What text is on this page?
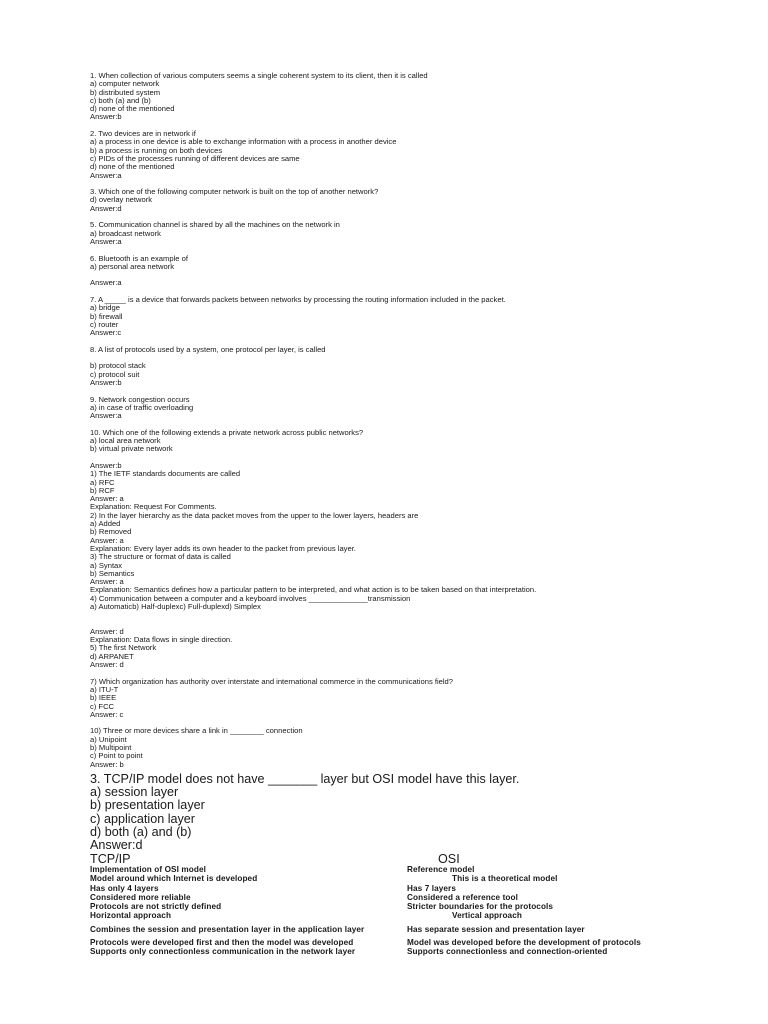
1. When collection of various computers seems a single coherent system to its client, then it is called
a) computer network
b) distributed system
c) both (a) and (b)
d) none of the mentioned
Answer:b
2. Two devices are in network if
a) a process in one device is able to exchange information with a process in another device
b) a process is running on both devices
c) PIDs of the processes running of different devices are same
d) none of the mentioned
Answer:a
3. Which one of the following computer network is built on the top of another network?
d) overlay network
Answer:d
5. Communication channel is shared by all the machines on the network in
a) broadcast network
Answer:a
6. Bluetooth is an example of
a) personal area network
Answer:a
7. A _____ is a device that forwards packets between networks by processing the routing information included in the packet.
a) bridge
b) firewall
c) router
Answer:c
8. A list of protocols used by a system, one protocol per layer, is called
b) protocol stack
c) protocol suit
Answer:b
9. Network congestion occurs
a) in case of traffic overloading
Answer:a
10. Which one of the following extends a private network across public networks?
a) local area network
b) virtual private network
Answer:b
1) The IETF standards documents are called
a) RFC
b) RCF
Answer: a
Explanation: Request For Comments.
2) In the layer hierarchy as the data packet moves from the upper to the lower layers, headers are
a) Added
b) Removed
Answer: a
Explanation: Every layer adds its own header to the packet from previous layer.
3) The structure or format of data is called
a) Syntax
b) Semantics
Answer: a
Explanation: Semantics defines how a particular pattern to be interpreted, and what action is to be taken based on that interpretation.
4) Communication between a computer and a keyboard involves ______________transmission
a) Automaticb) Half-duplexc) Full-duplexd) Simplex
Answer: d
Explanation: Data flows in single direction.
5) The first Network
d) ARPANET
Answer: d
7) Which organization has authority over interstate and international commerce in the communications field?
a) ITU-T
b) IEEE
c) FCC
Answer: c
10) Three or more devices share a link in ________ connection
a) Unipoint
b) Multipoint
c) Point to point
Answer: b
3. TCP/IP model does not have _______ layer but OSI model have this layer.
a) session layer
b) presentation layer
c) application layer
d) both (a) and (b)
Answer:d
TCP/IP	OSI
Implementation of OSI model	Reference model
Model around which Internet is developed	This is a theoretical model
Has only 4 layers	Has 7 layers
Considered more reliable	Considered a reference tool
Protocols are not strictly defined	Stricter boundaries for the protocols
Horizontal approach	Vertical approach
Combines the session and presentation layer in the application layer	Has separate session and presentation layer
Protocols were developed first and then the model was developed	Model was developed before the development of protocols
Supports only connectionless communication in the network layer	Supports connectionless and connection-oriented
